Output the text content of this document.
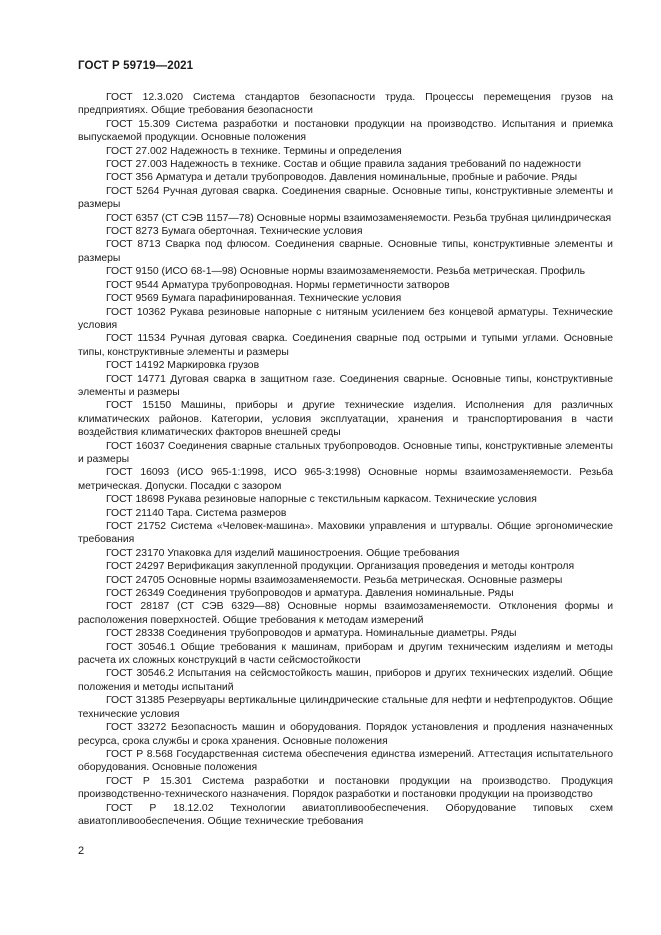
ГОСТ Р 59719—2021

ГОСТ 12.3.020 Система стандартов безопасности труда. Процессы перемещения грузов на предприятиях. Общие требования безопасности

ГОСТ 15.309 Система разработки и постановки продукции на производство. Испытания и приемка выпускаемой продукции. Основные положения

ГОСТ 27.002 Надежность в технике. Термины и определения

ГОСТ 27.003 Надежность в технике. Состав и общие правила задания требований по надежности

ГОСТ 356 Арматура и детали трубопроводов. Давления номинальные, пробные и рабочие. Ряды

ГОСТ 5264 Ручная дуговая сварка. Соединения сварные. Основные типы, конструктивные элементы и размеры

ГОСТ 6357 (СТ СЭВ 1157—78) Основные нормы взаимозаменяемости. Резьба трубная цилиндрическая

ГОСТ 8273 Бумага оберточная. Технические условия

ГОСТ 8713 Сварка под флюсом. Соединения сварные. Основные типы, конструктивные элементы и размеры

ГОСТ 9150 (ИСО 68-1—98) Основные нормы взаимозаменяемости. Резьба метрическая. Профиль

ГОСТ 9544 Арматура трубопроводная. Нормы герметичности затворов

ГОСТ 9569 Бумага парафинированная. Технические условия

ГОСТ 10362 Рукава резиновые напорные с нитяным усилением без концевой арматуры. Технические условия

ГОСТ 11534 Ручная дуговая сварка. Соединения сварные под острыми и тупыми углами. Основные типы, конструктивные элементы и размеры

ГОСТ 14192 Маркировка грузов

ГОСТ 14771 Дуговая сварка в защитном газе. Соединения сварные. Основные типы, конструктивные элементы и размеры

ГОСТ 15150 Машины, приборы и другие технические изделия. Исполнения для различных климатических районов. Категории, условия эксплуатации, хранения и транспортирования в части воздействия климатических факторов внешней среды

ГОСТ 16037 Соединения сварные стальных трубопроводов. Основные типы, конструктивные элементы и размеры

ГОСТ 16093 (ИСО 965-1:1998, ИСО 965-3:1998) Основные нормы взаимозаменяемости. Резьба метрическая. Допуски. Посадки с зазором

ГОСТ 18698 Рукава резиновые напорные с текстильным каркасом. Технические условия

ГОСТ 21140 Тара. Система размеров

ГОСТ 21752 Система «Человек-машина». Маховики управления и штурвалы. Общие эргономические требования

ГОСТ 23170 Упаковка для изделий машиностроения. Общие требования

ГОСТ 24297 Верификация закупленной продукции. Организация проведения и методы контроля

ГОСТ 24705 Основные нормы взаимозаменяемости. Резьба метрическая. Основные размеры

ГОСТ 26349 Соединения трубопроводов и арматура. Давления номинальные. Ряды

ГОСТ 28187 (СТ СЭВ 6329—88) Основные нормы взаимозаменяемости. Отклонения формы и расположения поверхностей. Общие требования к методам измерений

ГОСТ 28338 Соединения трубопроводов и арматура. Номинальные диаметры. Ряды

ГОСТ 30546.1 Общие требования к машинам, приборам и другим техническим изделиям и методы расчета их сложных конструкций в части сейсмостойкости

ГОСТ 30546.2 Испытания на сейсмостойкость машин, приборов и других технических изделий. Общие положения и методы испытаний

ГОСТ 31385 Резервуары вертикальные цилиндрические стальные для нефти и нефтепродуктов. Общие технические условия

ГОСТ 33272 Безопасность машин и оборудования. Порядок установления и продления назначенных ресурса, срока службы и срока хранения. Основные положения

ГОСТ Р 8.568 Государственная система обеспечения единства измерений. Аттестация испытательного оборудования. Основные положения

ГОСТ Р 15.301 Система разработки и постановки продукции на производство. Продукция производственно-технического назначения. Порядок разработки и постановки продукции на производство

ГОСТ Р 18.12.02 Технологии авиатопливообеспечения. Оборудование типовых схем авиатопливообеспечения. Общие технические требования

2
